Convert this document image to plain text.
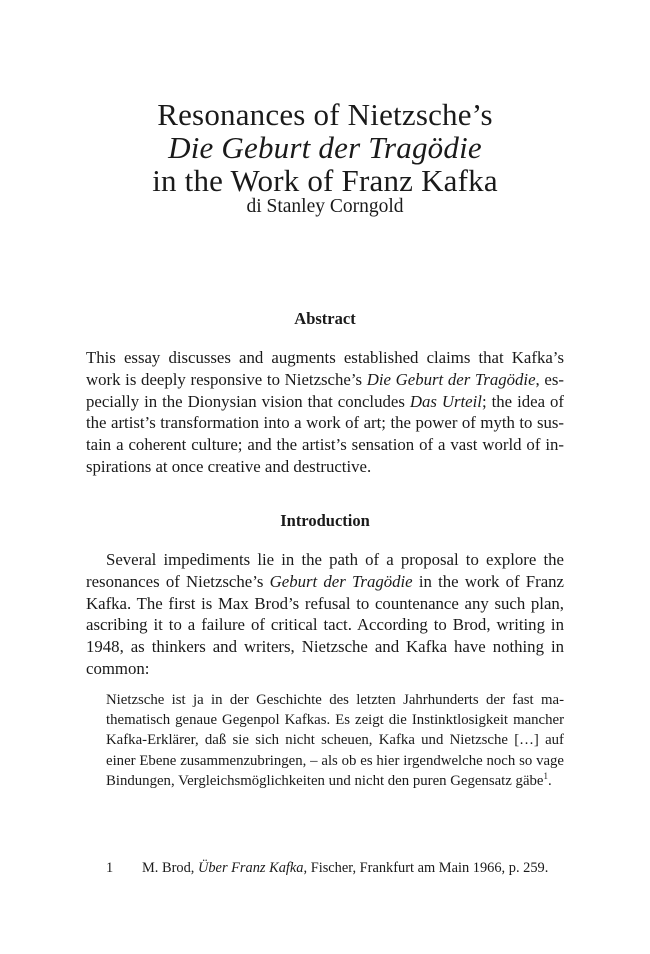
Resonances of Nietzsche’s
Die Geburt der Tragödie
in the Work of Franz Kafka
di Stanley Corngold
Abstract

This essay discusses and augments established claims that Kafka’s work is deeply responsive to Nietzsche’s Die Geburt der Tragödie, especially in the Dionysian vision that concludes Das Urteil; the idea of the artist’s transformation into a work of art; the power of myth to sustain a coherent culture; and the artist’s sensation of a vast world of inspirations at once creative and destructive.

Introduction

Several impediments lie in the path of a proposal to explore the resonances of Nietzsche’s Geburt der Tragödie in the work of Franz Kafka. The first is Max Brod’s refusal to countenance any such plan, ascribing it to a failure of critical tact. According to Brod, writing in 1948, as thinkers and writers, Nietzsche and Kafka have nothing in common:

Nietzsche ist ja in der Geschichte des letzten Jahrhunderts der fast mathematisch genaue Gegenpol Kafkas. Es zeigt die Instinktlosigkeit mancher Kafka-Erklärer, daß sie sich nicht scheuen, Kafka und Nietzsche […] auf einer Ebene zusammenzubringen, – als ob es hier irgendwelche noch so vage Bindungen, Vergleichsmöglichkeiten und nicht den puren Gegensatz gäbe$^1$.
1 M. Brod, Über Franz Kafka, Fischer, Frankfurt am Main 1966, p. 259.
